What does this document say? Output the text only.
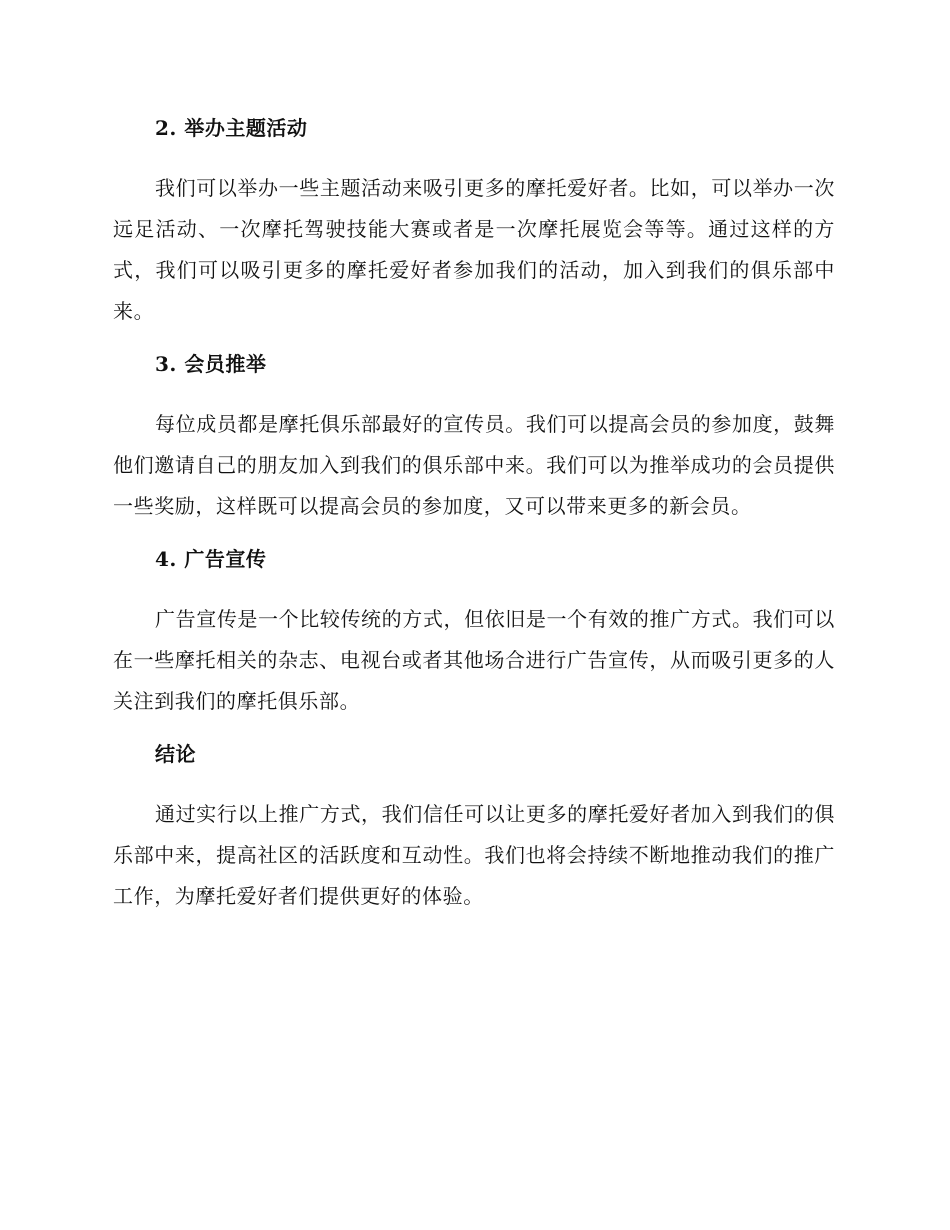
2. 举办主题活动

我们可以举办一些主题活动来吸引更多的摩托爱好者。比如，可以举办一次远足活动、一次摩托驾驶技能大赛或者是一次摩托展览会等等。通过这样的方式，我们可以吸引更多的摩托爱好者参加我们的活动，加入到我们的俱乐部中来。

3. 会员推举

每位成员都是摩托俱乐部最好的宣传员。我们可以提高会员的参加度，鼓舞他们邀请自己的朋友加入到我们的俱乐部中来。我们可以为推举成功的会员提供一些奖励，这样既可以提高会员的参加度，又可以带来更多的新会员。

4. 广告宣传

广告宣传是一个比较传统的方式，但依旧是一个有效的推广方式。我们可以在一些摩托相关的杂志、电视台或者其他场合进行广告宣传，从而吸引更多的人关注到我们的摩托俱乐部。

结论

通过实行以上推广方式，我们信任可以让更多的摩托爱好者加入到我们的俱乐部中来，提高社区的活跃度和互动性。我们也将会持续不断地推动我们的推广工作，为摩托爱好者们提供更好的体验。
